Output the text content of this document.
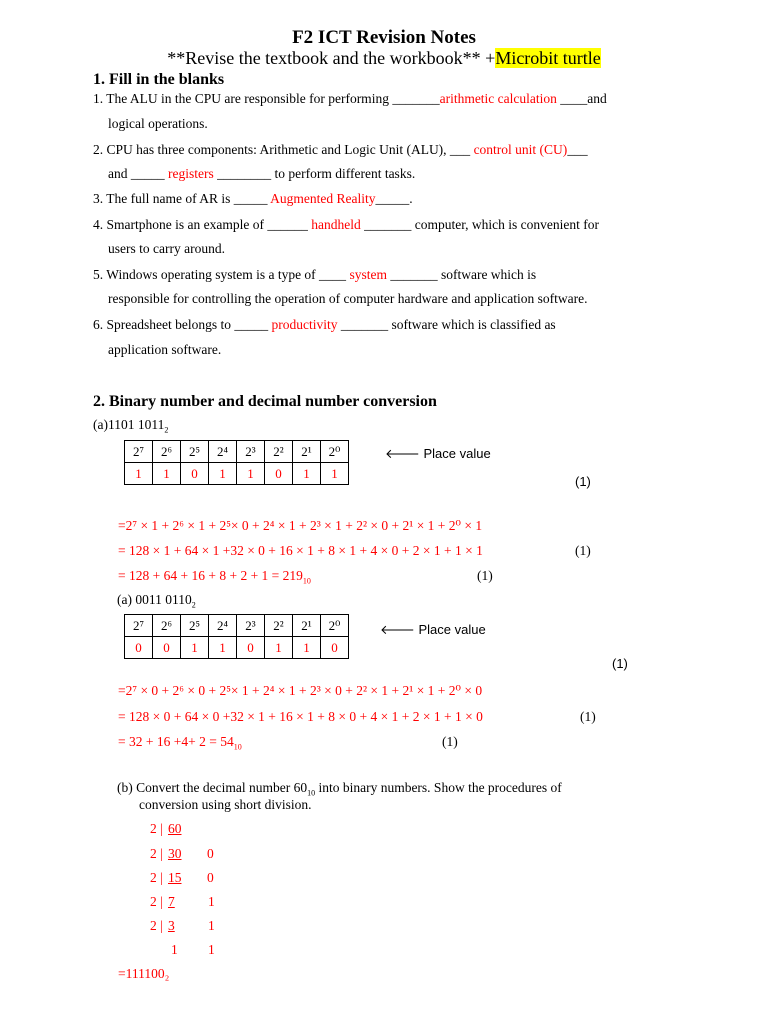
F2 ICT Revision Notes
**Revise the textbook and the workbook** +Microbit turtle
1. Fill in the blanks
1. The ALU in the CPU are responsible for performing _______arithmetic calculation ____and
logical operations.
2. CPU has three components: Arithmetic and Logic Unit (ALU), ___ control unit (CU)___
and _____ registers ________ to perform different tasks.
3. The full name of AR is _____ Augmented Reality_____.
4. Smartphone is an example of ______ handheld _______ computer, which is convenient for
users to carry around.
5. Windows operating system is a type of ____ system _______ software which is
responsible for controlling the operation of computer hardware and application software.
6. Spreadsheet belongs to _____ productivity _______ software which is classified as
application software.
2. Binary number and decimal number conversion
(a)1101 $1011_2$
2⁷	2⁶	2⁵	2⁴	2³	2²	2¹	2⁰
1	1	0	1	1	0	1	1
🡐 Place value
(1)
=2⁷ × 1 + 2⁶ × 1 + 2⁵× 0 + 2⁴ × 1 + 2³ × 1 + 2² × 0 + 2¹ × 1 + 2⁰ × 1
= 128 × 1 + 64 × 1 +32 × 0 + 16 × 1 + 8 × 1 + 4 × 0 + 2 × 1 + 1 × 1	(1)
= $128 + 64 + 16 + 8 + 2 + 1 = 219_{10}$	(1)
(a) 0011 $0110_2$
2⁷	2⁶	2⁵	2⁴	2³	2²	2¹	2⁰
0	0	1	1	0	1	1	0
🡐 Place value
(1)
=2⁷ × 0 + 2⁶ × 0 + 2⁵× 1 + 2⁴ × 1 + 2³ × 0 + 2² × 1 + 2¹ × 1 + 2⁰ × 0
= 128 × 0 + 64 × 0 +32 × 1 + 16 × 1 + 8 × 0 + 4 × 1 + 2 × 1 + 1 × 0	(1)
= $32 + 16 +4+ 2 = 54_{10}$	(1)
(b) Convert the decimal number $60_{10}$ into binary numbers. Show the procedures of
conversion using short division.
2 | 60
2 | 30 0
2 | 15 0
2 | 7 1
2 | 3 1
1 1
=111100₂
